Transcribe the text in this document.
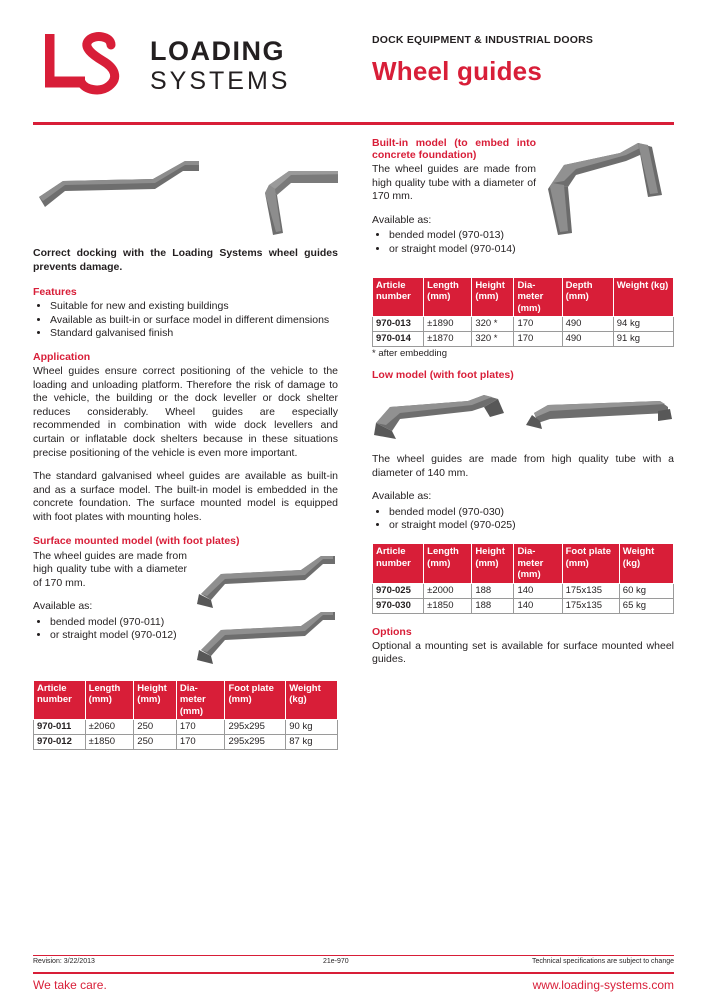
LOADING
SYSTEMS
DOCK EQUIPMENT & INDUSTRIAL DOORS
Wheel guides

Correct docking with the Loading Systems wheel guides prevents damage.

Features
• Suitable for new and existing buildings
• Available as built-in or surface model in different dimensions
• Standard galvanised finish
Application

Wheel guides ensure correct positioning of the vehicle to the loading and unloading platform. Therefore the risk of damage to the vehicle, the building or the dock leveller or dock shelter reduces considerably. Wheel guides are especially recommended in combination with wide dock levellers and curtain or inflatable dock shelters because in these situations precise positioning of the vehicle is even more important.

The standard galvanised wheel guides are available as built-in and as a surface model. The built-in model is embedded in the concrete foundation. The surface mounted model is equipped with foot plates with mounting holes.

Surface mounted model (with foot plates)

The wheel guides are made from high quality tube with a diameter of 170 mm.

Available as:

• bended model (970-011)
• or straight model (970-012)
Article number	Length (mm)	Height (mm)	Dia-meter (mm)	Foot plate (mm)	Weight (kg)
970-011	±2060	250	170	295x295	90 kg
970-012	±1850	250	170	295x295	87 kg
Built-in model (to embed into concrete foundation)

The wheel guides are made from high quality tube with a diameter of 170 mm.

Available as:

• bended model (970-013)
• or straight model (970-014)
Article number	Length (mm)	Height (mm)	Dia-meter (mm)	Depth (mm)	Weight (kg)
970-013	±1890	320 *	170	490	94 kg
970-014	±1870	320 *	170	490	91 kg
* after embedding
Low model (with foot plates)

The wheel guides are made from high quality tube with a diameter of 140 mm.

Available as:

• bended model (970-030)
• or straight model (970-025)
Article number	Length (mm)	Height (mm)	Dia-meter (mm)	Foot plate (mm)	Weight (kg)
970-025	±2000	188	140	175x135	60 kg
970-030	±1850	188	140	175x135	65 kg
Options

Optional a mounting set is available for surface mounted wheel guides.

Revision: 3/22/2013	21e-970	Technical specifications are subject to change
We take care.	www.loading-systems.com
